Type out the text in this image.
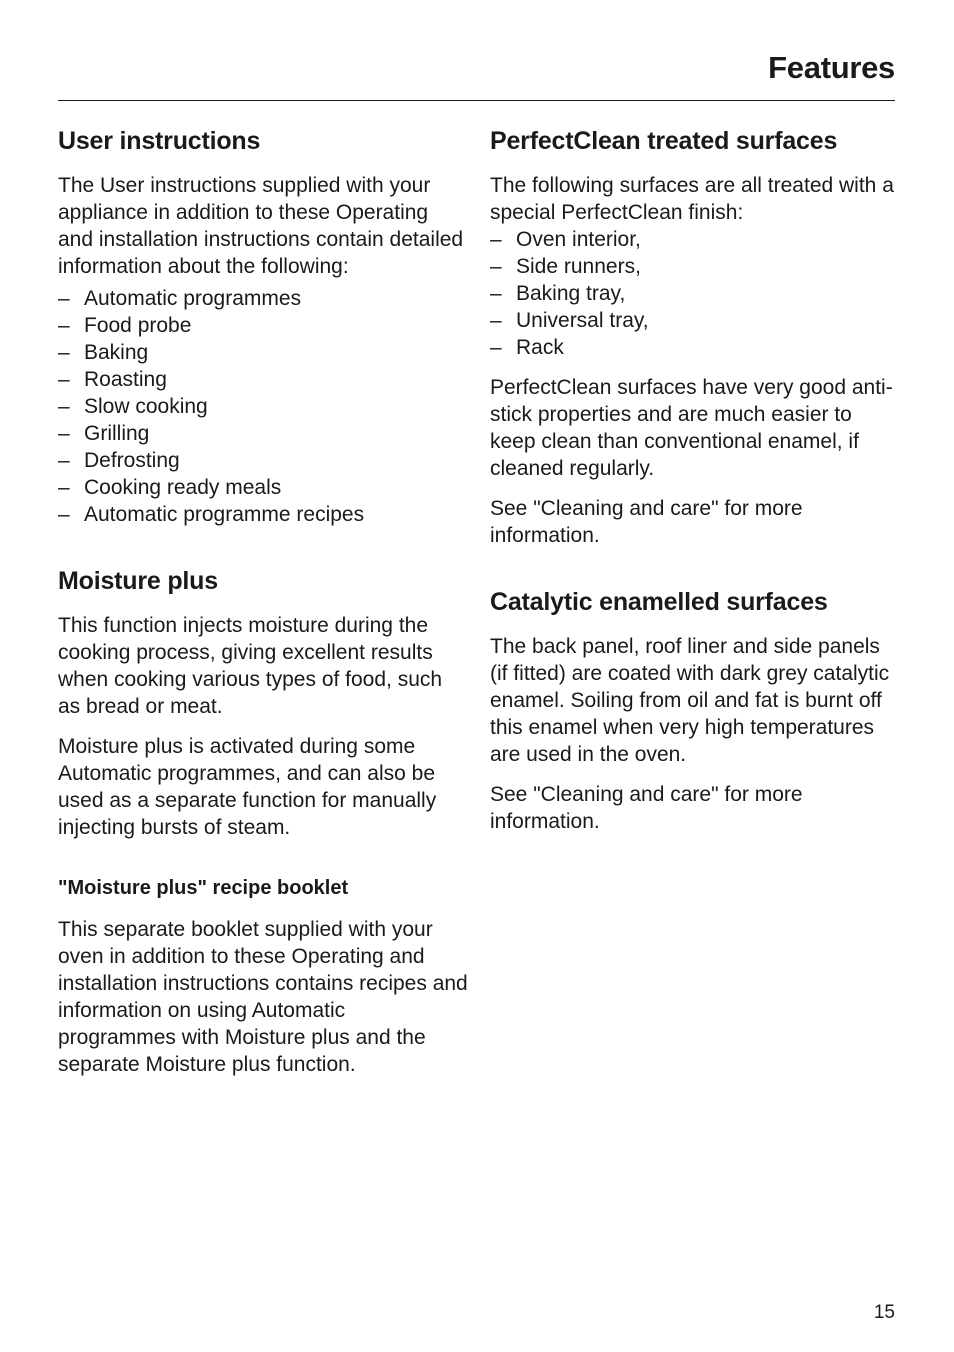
Features
User instructions

The User instructions supplied with your appliance in addition to these Operating and installation instructions contain detailed information about the following:

– Automatic programmes
– Food probe
– Baking
– Roasting
– Slow cooking
– Grilling
– Defrosting
– Cooking ready meals
– Automatic programme recipes
Moisture plus

This function injects moisture during the cooking process, giving excellent results when cooking various types of food, such as bread or meat.

Moisture plus is activated during some Automatic programmes, and can also be used as a separate function for manually injecting bursts of steam.

"Moisture plus" recipe booklet

This separate booklet supplied with your oven in addition to these Operating and installation instructions contains recipes and information on using Automatic programmes with Moisture plus and the separate Moisture plus function.

PerfectClean treated surfaces

The following surfaces are all treated with a special PerfectClean finish:

– Oven interior,
– Side runners,
– Baking tray,
– Universal tray,
– Rack

PerfectClean surfaces have very good anti-stick properties and are much easier to keep clean than conventional enamel, if cleaned regularly.

See "Cleaning and care" for more information.

Catalytic enamelled surfaces

The back panel, roof liner and side panels (if fitted) are coated with dark grey catalytic enamel. Soiling from oil and fat is burnt off this enamel when very high temperatures are used in the oven.

See "Cleaning and care" for more information.

15
